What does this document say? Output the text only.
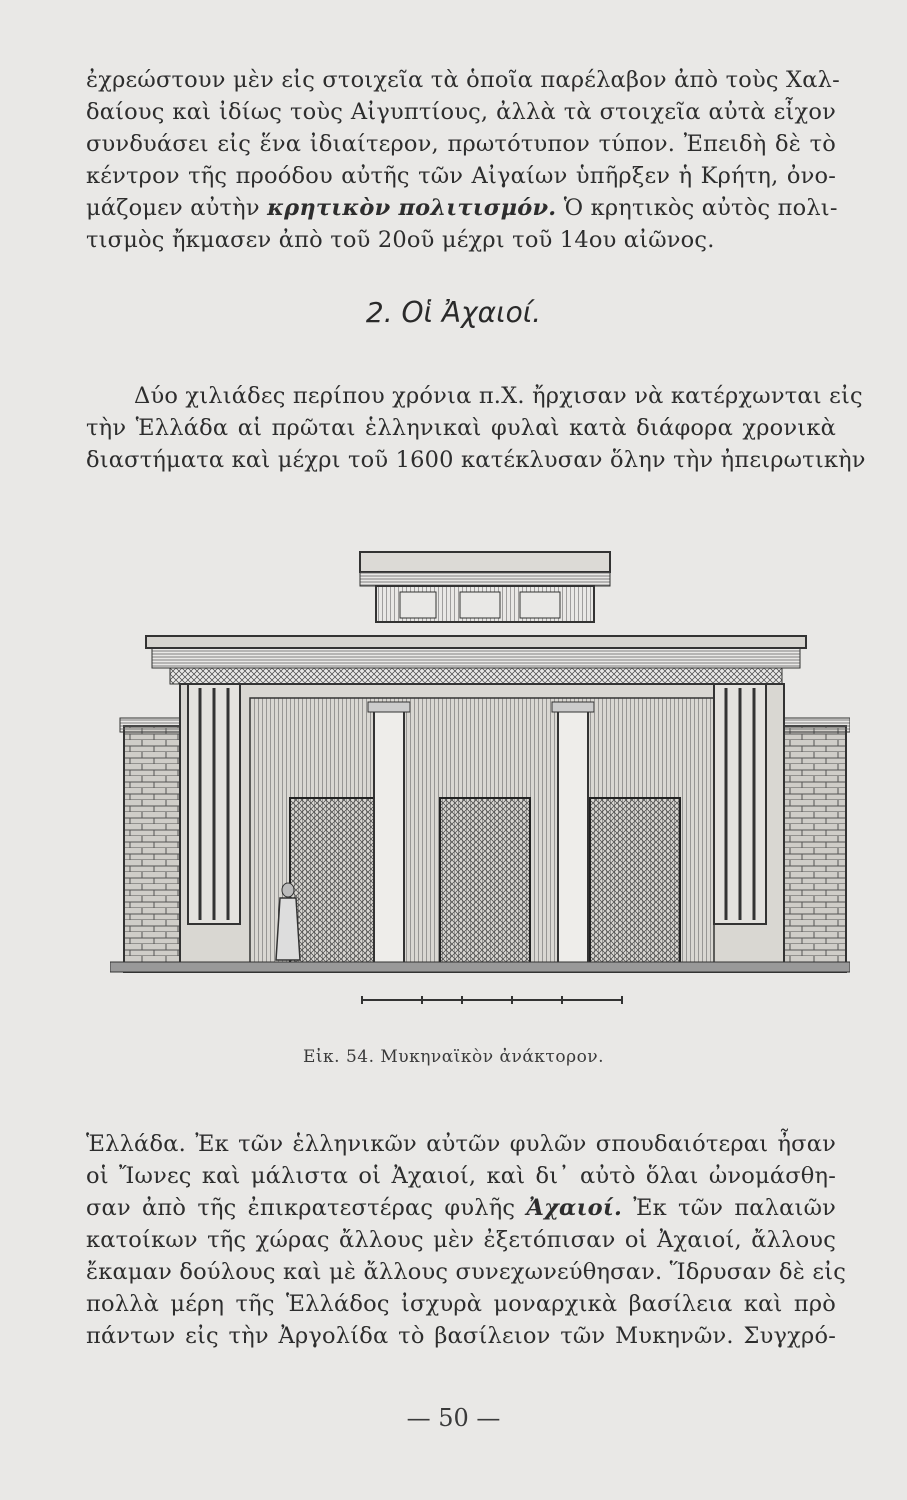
ἐχρεώστουν μὲν εἰς στοιχεῖα τὰ ὁποῖα παρέλαβον ἀπὸ τοὺς Χαλ-
δαίους καὶ ἰδίως τοὺς Αἰγυπτίους, ἀλλὰ τὰ στοιχεῖα αὐτὰ εἶχον
συνδυάσει εἰς ἕνα ἰδιαίτερον, πρωτότυπον τύπον. Ἐπειδὴ δὲ τὸ
κέντρον τῆς προόδου αὐτῆς τῶν Αἰγαίων ὑπῆρξεν ἡ Κρήτη, ὀνο-
μάζομεν αὐτὴν κρητικὸν πολιτισμόν. Ὁ κρητικὸς αὐτὸς πολι-
τισμὸς ἤκμασεν ἀπὸ τοῦ 20οῦ μέχρι τοῦ 14ου αἰῶνος.
2. Οἱ Ἀχαιοί.
Δύο χιλιάδες περίπου χρόνια π.Χ. ἤρχισαν νὰ κατέρχωνται εἰς
τὴν Ἑλλάδα αἱ πρῶται ἑλληνικαὶ φυλαὶ κατὰ διάφορα χρονικὰ
διαστήματα καὶ μέχρι τοῦ 1600 κατέκλυσαν ὅλην τὴν ἠπειρωτικὴν
Εἰκ. 54. Μυκηναϊκὸν ἀνάκτορον.
Ἑλλάδα. Ἐκ τῶν ἑλληνικῶν αὐτῶν φυλῶν σπουδαιότεραι ἦσαν
οἱ Ἴωνες καὶ μάλιστα οἱ Ἀχαιοί, καὶ δι᾽ αὐτὸ ὅλαι ὠνομάσθη-
σαν ἀπὸ τῆς ἐπικρατεστέρας φυλῆς Ἀχαιοί. Ἐκ τῶν παλαιῶν
κατοίκων τῆς χώρας ἄλλους μὲν ἐξετόπισαν οἱ Ἀχαιοί, ἄλλους
ἔκαμαν δούλους καὶ μὲ ἄλλους συνεχωνεύθησαν. Ἵδρυσαν δὲ εἰς
πολλὰ μέρη τῆς Ἑλλάδος ἰσχυρὰ μοναρχικὰ βασίλεια καὶ πρὸ
πάντων εἰς τὴν Ἀργολίδα τὸ βασίλειον τῶν Μυκηνῶν. Συγχρό-
— 50 —
